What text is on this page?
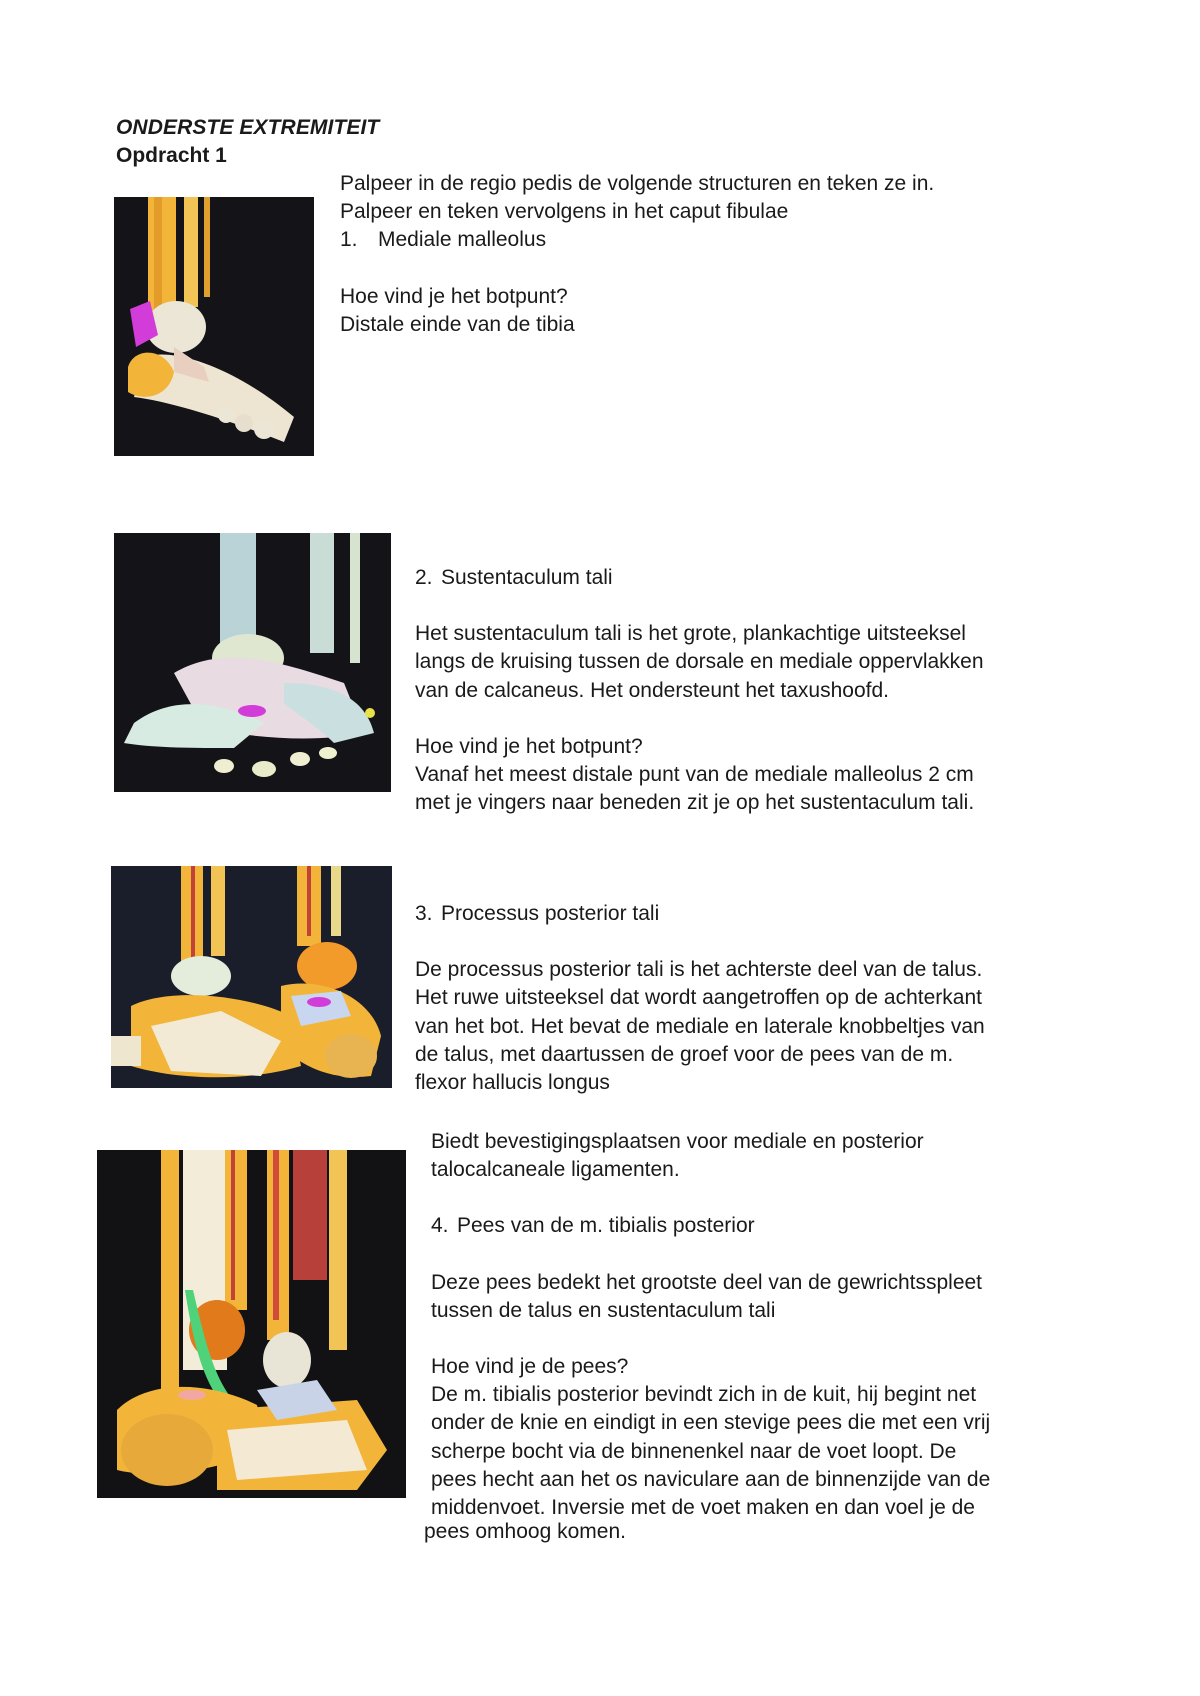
ONDERSTE EXTREMITEIT
Opdracht 1

Palpeer in de regio pedis de volgende structuren en teken ze in.

Palpeer en teken vervolgens in het caput fibulae

1. Mediale malleolus

Hoe vind je het botpunt?

Distale einde van de tibia

2. Sustentaculum tali

Het sustentaculum tali is het grote, plankachtige uitsteeksel

langs de kruising tussen de dorsale en mediale oppervlakken

van de calcaneus. Het ondersteunt het taxushoofd.

Hoe vind je het botpunt?

Vanaf het meest distale punt van de mediale malleolus 2 cm

met je vingers naar beneden zit je op het sustentaculum tali.

3. Processus posterior tali

De processus posterior tali is het achterste deel van de talus.

Het ruwe uitsteeksel dat wordt aangetroffen op de achterkant

van het bot. Het bevat de mediale en laterale knobbeltjes van

de talus, met daartussen de groef voor de pees van de m.

flexor hallucis longus

Biedt bevestigingsplaatsen voor mediale en posterior

talocalcaneale ligamenten.

4. Pees van de m. tibialis posterior

Deze pees bedekt het grootste deel van de gewrichtsspleet

tussen de talus en sustentaculum tali

Hoe vind je de pees?

De m. tibialis posterior bevindt zich in de kuit, hij begint net

onder de knie en eindigt in een stevige pees die met een vrij

scherpe bocht via de binnenenkel naar de voet loopt. De

pees hecht aan het os naviculare aan de binnenzijde van de

middenvoet. Inversie met de voet maken en dan voel je de

pees omhoog komen.
